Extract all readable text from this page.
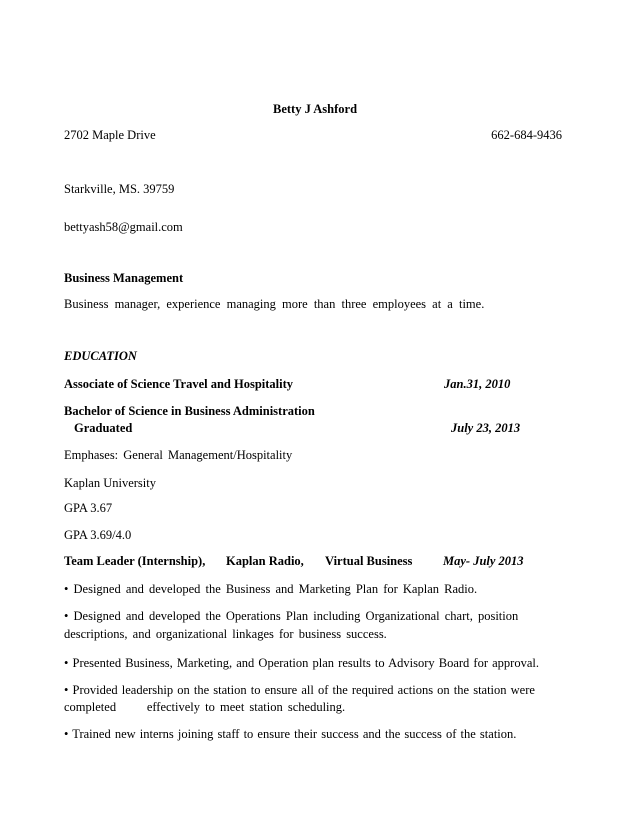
Betty J Ashford
2702 Maple Drive	662-684-9436
Starkville, MS. 39759
bettyash58@gmail.com
Business Management
Business manager, experience managing more than three employees at a time.
EDUCATION
Associate of Science Travel and Hospitality	Jan.31, 2010
Bachelor of Science in Business Administration
Graduated	July 23, 2013
Emphases: General Management/Hospitality
Kaplan University
GPA 3.67
GPA 3.69/4.0
Team Leader (Internship), Kaplan Radio, Virtual Business May- July 2013
• Designed and developed the Business and Marketing Plan for Kaplan Radio.
• Designed and developed the Operations Plan including Organizational chart, position
descriptions, and organizational linkages for business success.
• Presented Business, Marketing, and Operation plan results to Advisory Board for approval.
• Provided leadership on the station to ensure all of the required actions on the station were
completed      effectively to meet station scheduling.
• Trained new interns joining staff to ensure their success and the success of the station.
